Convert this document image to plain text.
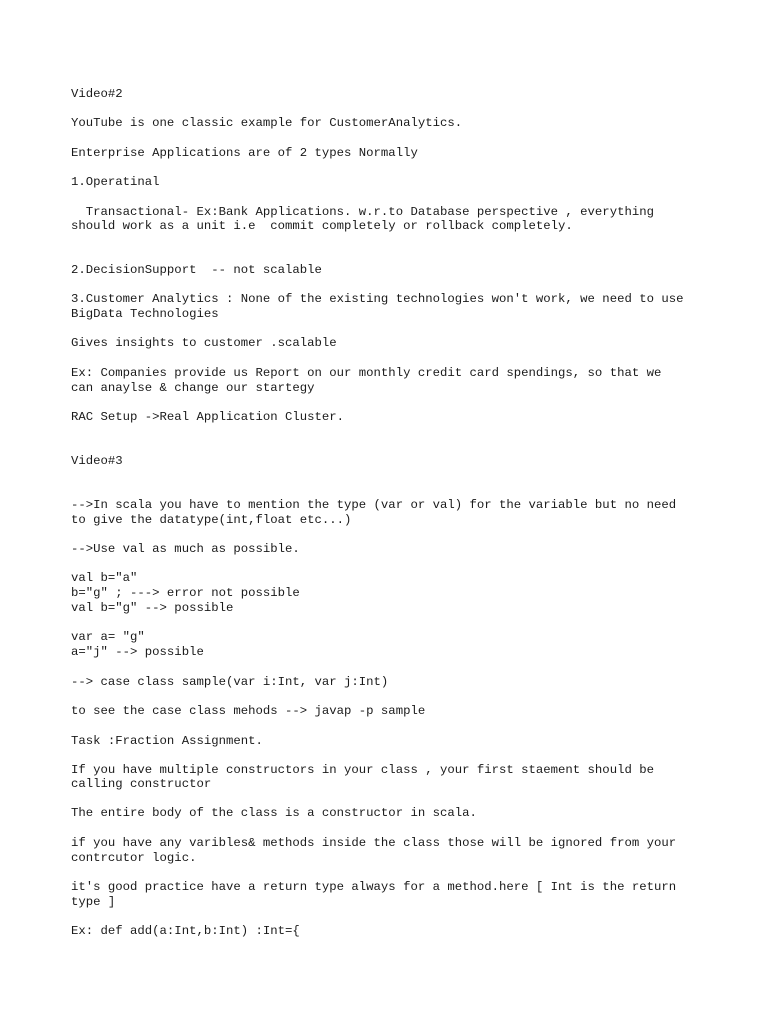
Video#2

YouTube is one classic example for CustomerAnalytics.

Enterprise Applications are of 2 types Normally

1.Operatinal

Transactional- Ex:Bank Applications. w.r.to Database perspective , everything

should work as a unit i.e  commit completely or rollback completely.

2.DecisionSupport  -- not scalable

3.Customer Analytics : None of the existing technologies won't work, we need to use

BigData Technologies

Gives insights to customer .scalable

Ex: Companies provide us Report on our monthly credit card spendings, so that we

can anaylse & change our startegy

RAC Setup ->Real Application Cluster.

Video#3

-->In scala you have to mention the type (var or val) for the variable but no need

to give the datatype(int,float etc...)

-->Use val as much as possible.

val b="a"

b="g" ; ---> error not possible

val b="g" --> possible

var a= "g"

a="j" --> possible

--> case class sample(var i:Int, var j:Int)

to see the case class mehods --> javap -p sample

Task :Fraction Assignment.

If you have multiple constructors in your class , your first staement should be

calling constructor

The entire body of the class is a constructor in scala.

if you have any varibles& methods inside the class those will be ignored from your

contrcutor logic.

it's good practice have a return type always for a method.here [ Int is the return

type ]

Ex: def add(a:Int,b:Int) :Int={
